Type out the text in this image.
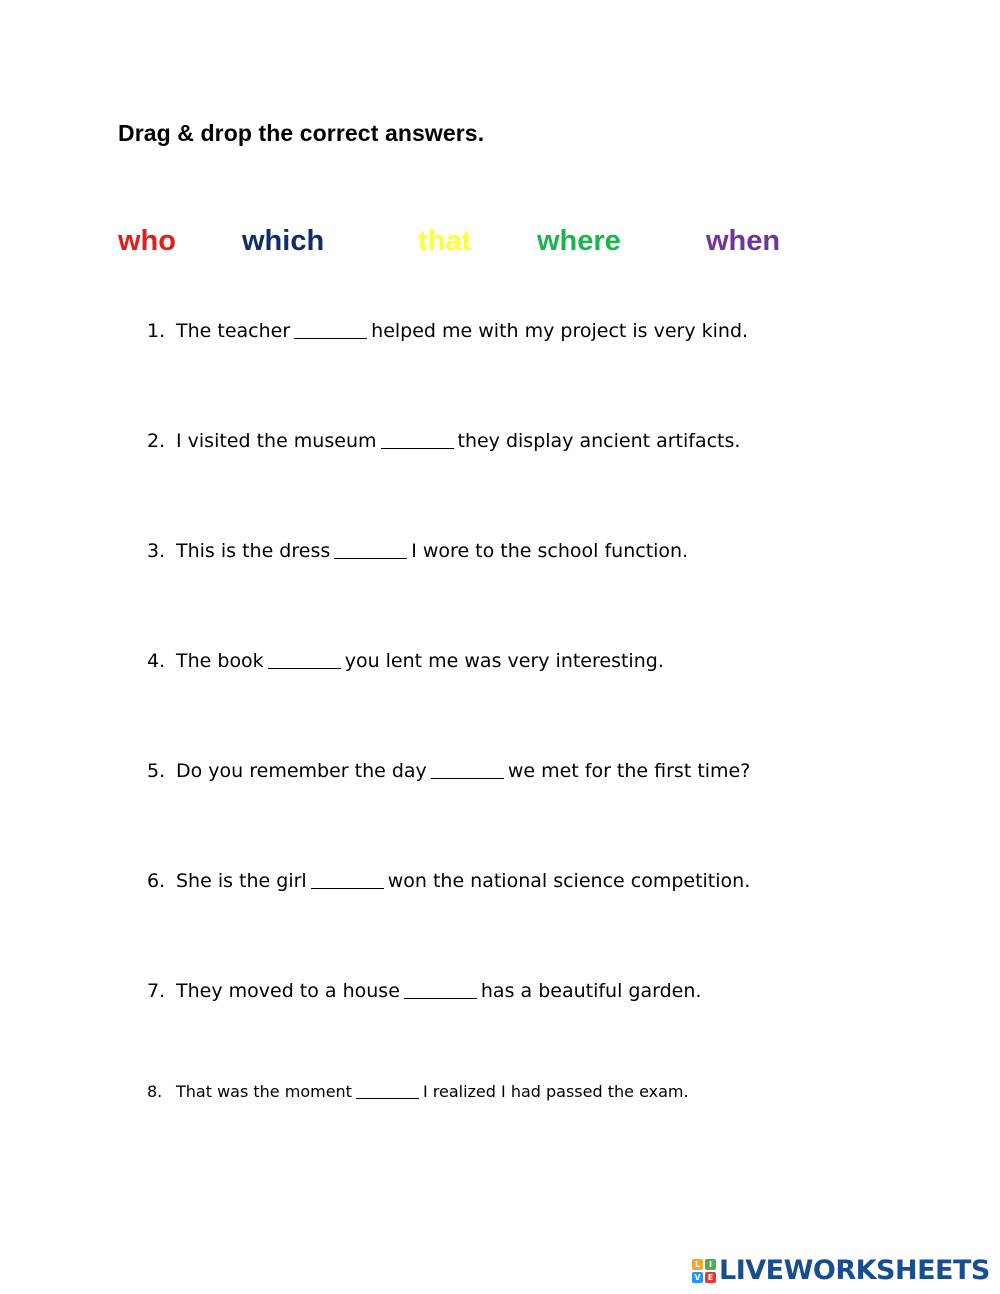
Drag & drop the correct answers.
who which	that where	when
1. The teacher	helped me with my project is very kind.
2. I visited the museum	they display ancient artifacts.
3. This is the dress	I wore to the school function.
4. The book	you lent me was very interesting.
5. Do you remember the day	we met for the first time?
6. She is the girl	won the national science competition.
7. They moved to a house	has a beautiful garden.
8. That was the moment	I realized I had passed the exam.
L	I
V E LIVEWORKSHEETS
